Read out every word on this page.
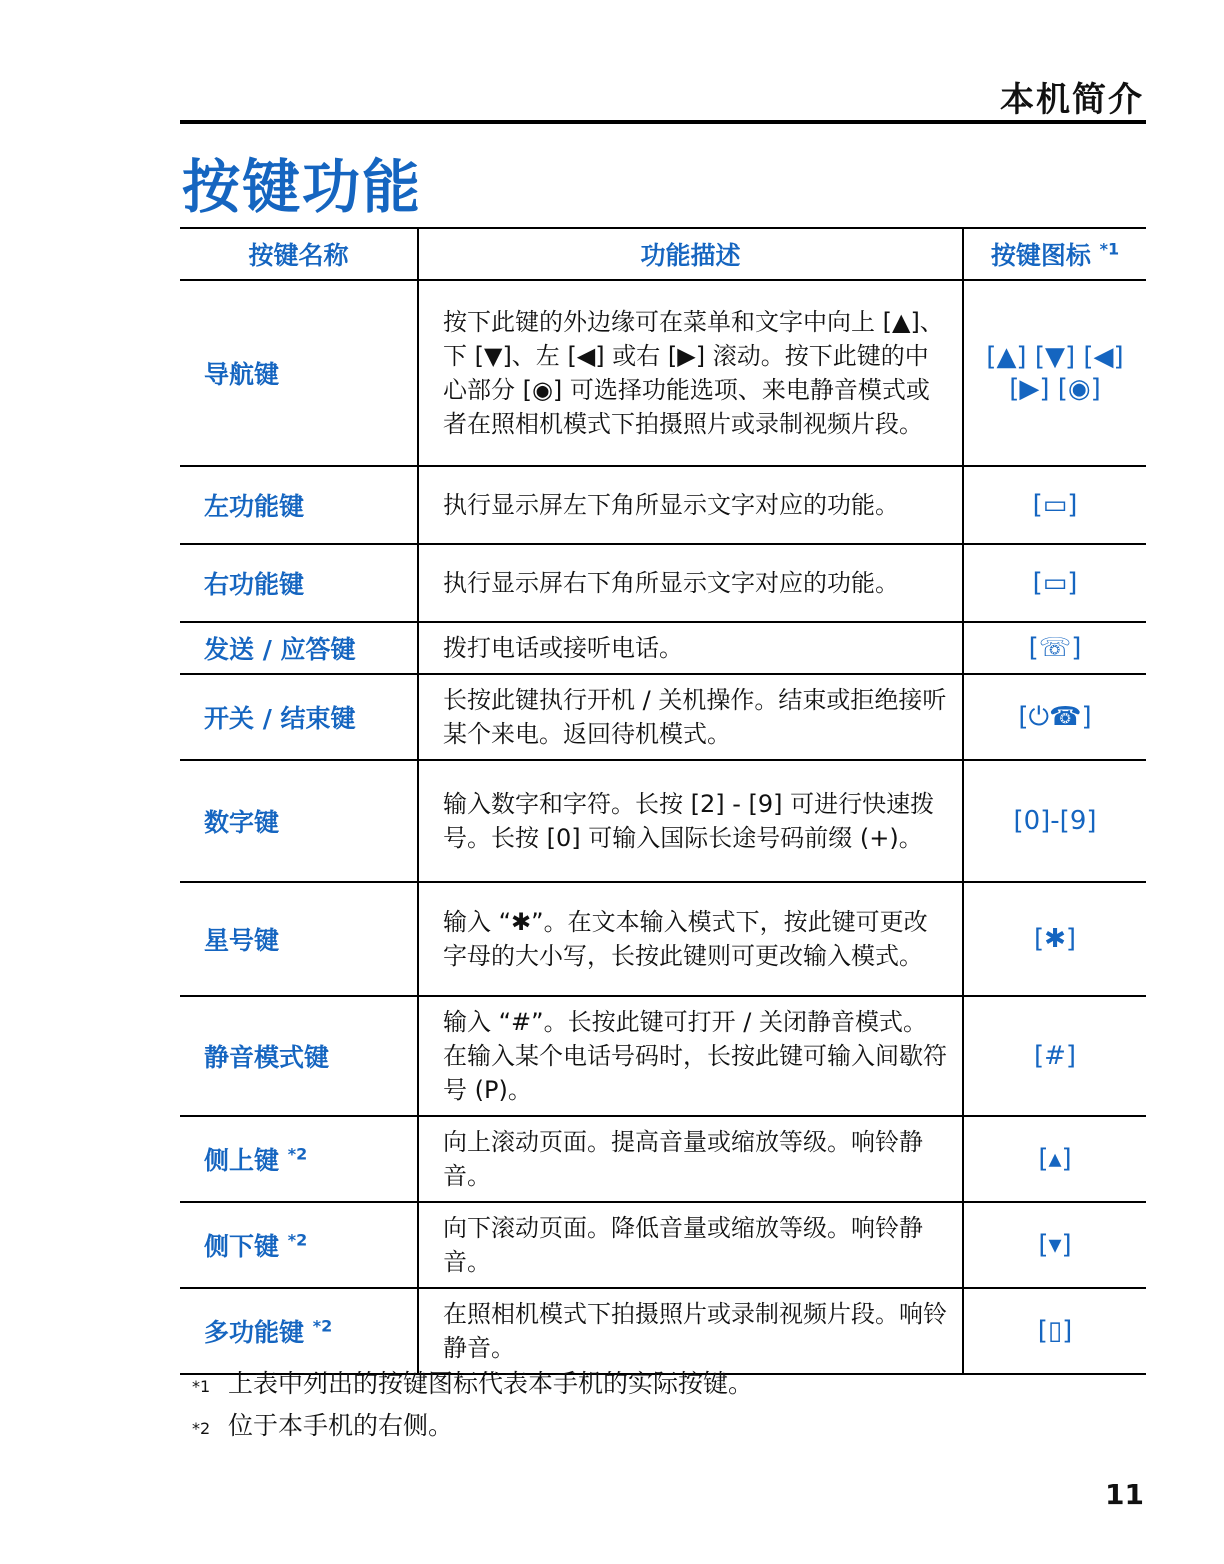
本机简介
按键功能
按键名称	功能描述	按键图标 $^{*1}$
导航键	按下此键的外边缘可在菜单和文字中向上 [▲]、下 [▼]、左 [◀] 或右 [▶] 滚动。按下此键的中心部分 [◉] 可选择功能选项、来电静音模式或者在照相机模式下拍摄照片或录制视频片段。	[▲] [▼] [◀] [▶] [◉]
左功能键	执行显示屏左下角所显示文字对应的功能。	[▭]
右功能键	执行显示屏右下角所显示文字对应的功能。	[▭]
发送 / 应答键	拨打电话或接听电话。	[☏]
开关 / 结束键	长按此键执行开机 / 关机操作。结束或拒绝接听某个来电。返回待机模式。	[⏻☎]
数字键	输入数字和字符。长按 [2] - [9] 可进行快速拨号。长按 [0] 可输入国际长途号码前缀 (+)。	[0]-[9]
星号键	输入 “✱”。在文本输入模式下，按此键可更改字母的大小写，长按此键则可更改输入模式。	[✱]
静音模式键	输入 “#”。长按此键可打开 / 关闭静音模式。在输入某个电话号码时，长按此键可输入间歇符号 (P)。	[#]
侧上键 $^{*2}$	向上滚动页面。提高音量或缩放等级。响铃静音。	[▴]
侧下键 $^{*2}$	向下滚动页面。降低音量或缩放等级。响铃静音。	[▾]
多功能键 $^{*2}$	在照相机模式下拍摄照片或录制视频片段。响铃静音。	[▯]
*1 上表中列出的按键图标代表本手机的实际按键。
*2 位于本手机的右侧。
11
